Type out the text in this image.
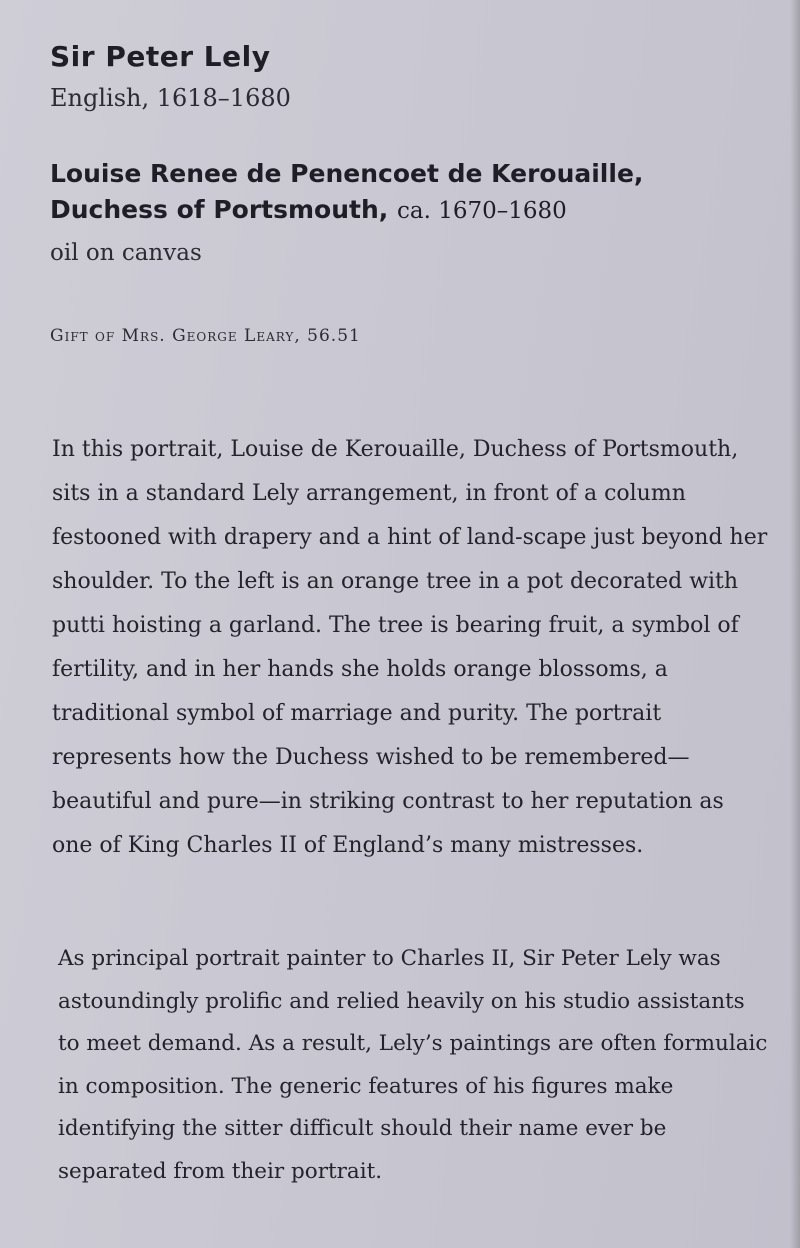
Sir Peter Lely

English, 1618–1680

Louise Renee de Penencoet de Kerouaille, Duchess of Portsmouth, ca. 1670–1680

oil on canvas

Gift of Mrs. George Leary, 56.51

In this portrait, Louise de Kerouaille, Duchess of Portsmouth, sits in a standard Lely arrangement, in front of a column festooned with drapery and a hint of land-scape just beyond her shoulder. To the left is an orange tree in a pot decorated with putti hoisting a garland. The tree is bearing fruit, a symbol of fertility, and in her hands she holds orange blossoms, a traditional symbol of marriage and purity. The portrait represents how the Duchess wished to be remembered—beautiful and pure—in striking contrast to her reputation as one of King Charles II of England’s many mistresses.

As principal portrait painter to Charles II, Sir Peter Lely was astoundingly prolific and relied heavily on his studio assistants to meet demand. As a result, Lely’s paintings are often formulaic in composition. The generic features of his figures make identifying the sitter difficult should their name ever be separated from their portrait.
